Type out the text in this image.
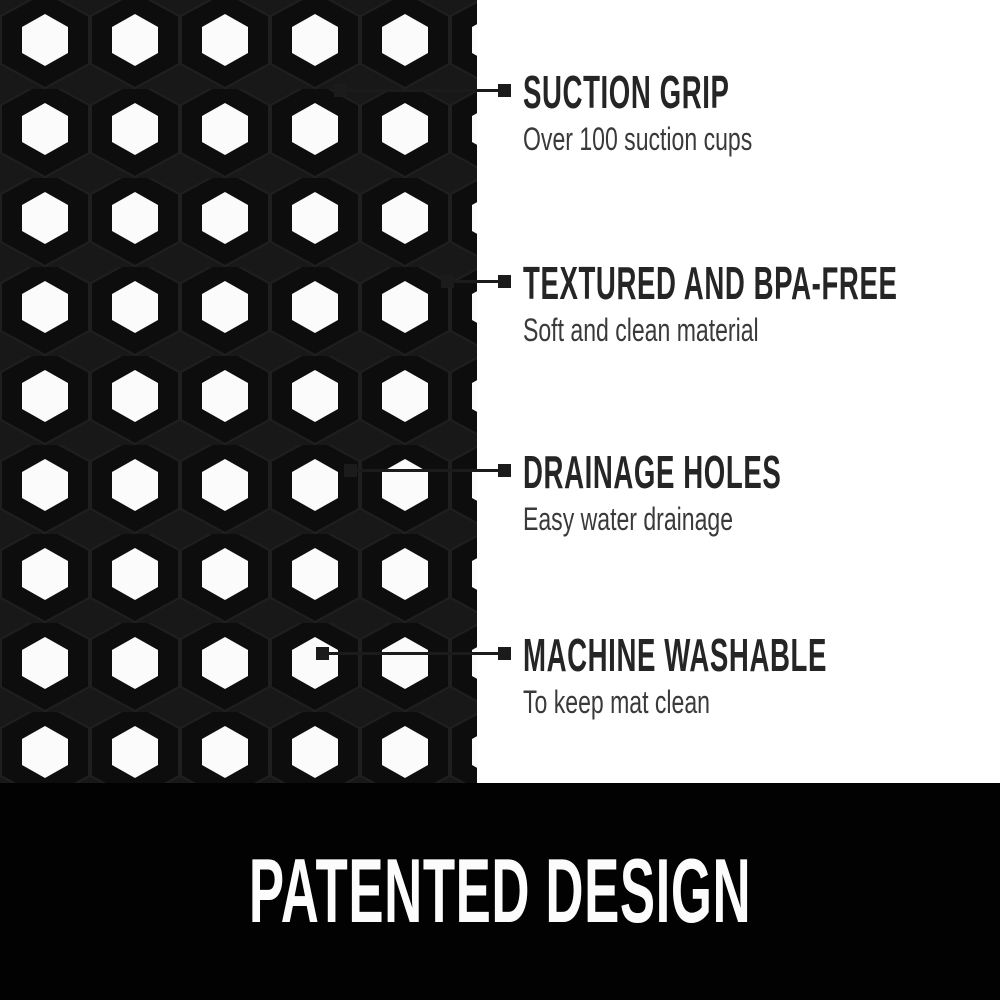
SUCTION GRIP
Over 100 suction cups
TEXTURED AND BPA-FREE
Soft and clean material
DRAINAGE HOLES
Easy water drainage
MACHINE WASHABLE
To keep mat clean
PATENTED DESIGN
